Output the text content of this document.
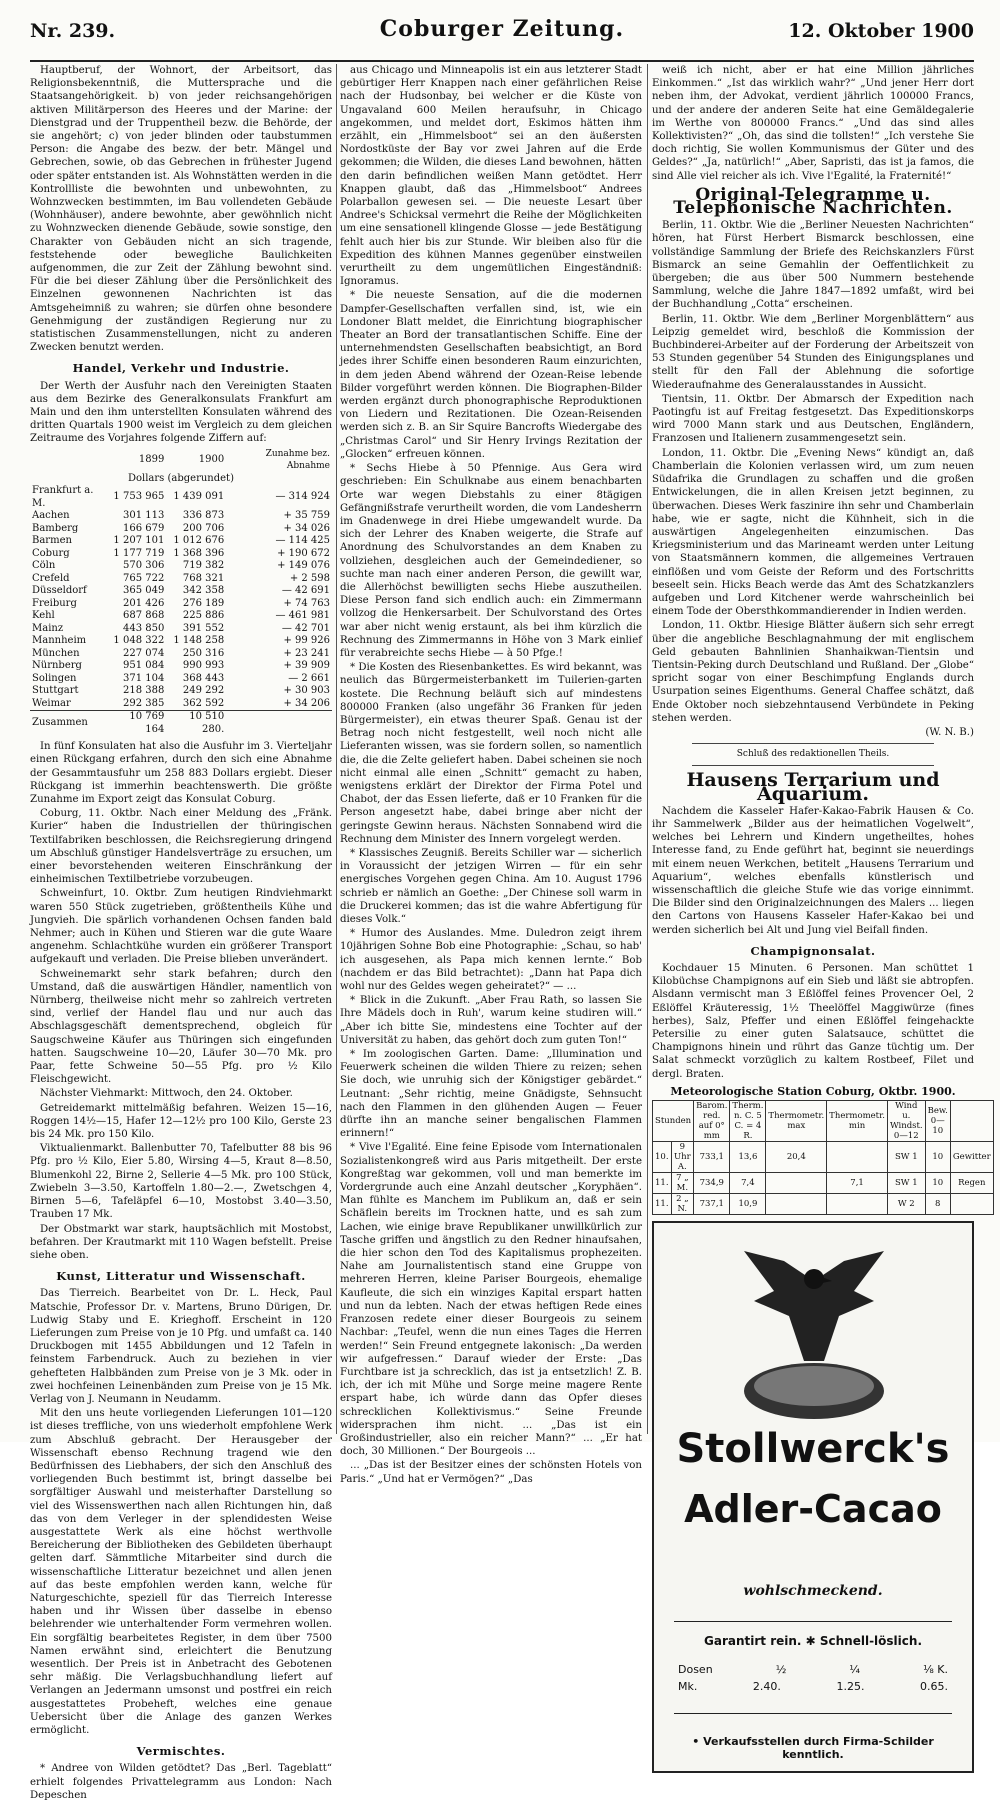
Nr. 239.	Coburger Zeitung.	12. Oktober 1900

Hauptberuf, der Wohnort, der Arbeitsort, das Religionsbekenntniß, die Muttersprache und die Staatsangehörigkeit. b) von jeder reichsangehörigen aktiven Militärperson des Heeres und der Marine: der Dienstgrad und der Truppentheil bezw. die Behörde, der sie angehört; c) von jeder blinden oder taubstummen Person: die Angabe des bezw. der betr. Mängel und Gebrechen, sowie, ob das Gebrechen in frühester Jugend oder später entstanden ist. Als Wohnstätten werden in die Kontrollliste die bewohnten und unbewohnten, zu Wohnzwecken bestimmten, im Bau vollendeten Gebäude (Wohnhäuser), andere bewohnte, aber gewöhnlich nicht zu Wohnzwecken dienende Gebäude, sowie sonstige, den Charakter von Gebäuden nicht an sich tragende, feststehende oder bewegliche Baulichkeiten aufgenommen, die zur Zeit der Zählung bewohnt sind. Für die bei dieser Zählung über die Persönlichkeit des Einzelnen gewonnenen Nachrichten ist das Amtsgeheimniß zu wahren; sie dürfen ohne besondere Genehmigung der zuständigen Regierung nur zu statistischen Zusammenstellungen, nicht zu anderen Zwecken benutzt werden.

Handel, Verkehr und Industrie.

Der Werth der Ausfuhr nach den Vereinigten Staaten aus dem Bezirke des Generalkonsulats Frankfurt am Main und den ihm unterstellten Konsulaten während des dritten Quartals 1900 weist im Vergleich zu dem gleichen Zeitraume des Vorjahres folgende Ziffern auf:

	1899	1900	Zunahme bez. Abnahme
Dollars (abgerundet)			
Frankfurt a. M.	1 753 965	1 439 091	— 314 924
Aachen	301 113	336 873	+ 35 759
Bamberg	166 679	200 706	+ 34 026
Barmen	1 207 101	1 012 676	— 114 425
Coburg	1 177 719	1 368 396	+ 190 672
Cöln	570 306	719 382	+ 149 076
Crefeld	765 722	768 321	+ 2 598
Düsseldorf	365 049	342 358	— 42 691
Freiburg	201 426	276 189	+ 74 763
Kehl	687 868	225 886	— 461 981
Mainz	443 850	391 552	— 42 701
Mannheim	1 048 322	1 148 258	+ 99 926
München	227 074	250 316	+ 23 241
Nürnberg	951 084	990 993	+ 39 909
Solingen	371 104	368 443	— 2 661
Stuttgart	218 388	249 292	+ 30 903
Weimar	292 385	362 592	+ 34 206
Zusammen	10 769 164	10 510 280.	

In fünf Konsulaten hat also die Ausfuhr im 3. Vierteljahr einen Rückgang erfahren, durch den sich eine Abnahme der Gesammtausfuhr um 258 883 Dollars ergiebt. Dieser Rückgang ist immerhin beachtenswerth. Die größte Zunahme im Export zeigt das Konsulat Coburg.

Coburg, 11. Oktbr. Nach einer Meldung des „Fränk. Kurier“ haben die Industriellen der thüringischen Textilfabriken beschlossen, die Reichsregierung dringend um Abschluß günstiger Handelsverträge zu ersuchen, um einer bevorstehenden weiteren Einschränkung der einheimischen Textilbetriebe vorzubeugen.

Schweinfurt, 10. Oktbr. Zum heutigen Rindviehmarkt waren 550 Stück zugetrieben, größtentheils Kühe und Jungvieh. Die spärlich vorhandenen Ochsen fanden bald Nehmer; auch in Kühen und Stieren war die gute Waare angenehm. Schlachtkühe wurden ein größerer Transport aufgekauft und verladen. Die Preise blieben unverändert.

Schweinemarkt sehr stark befahren; durch den Umstand, daß die auswärtigen Händler, namentlich von Nürnberg, theilweise nicht mehr so zahlreich vertreten sind, verlief der Handel flau und nur auch das Abschlagsgeschäft dementsprechend, obgleich für Saugschweine Käufer aus Thüringen sich eingefunden hatten. Saugschweine 10—20, Läufer 30—70 Mk. pro Paar, fette Schweine 50—55 Pfg. pro ½ Kilo Fleischgewicht.

Nächster Viehmarkt: Mittwoch, den 24. Oktober.

Getreidemarkt mittelmäßig befahren. Weizen 15—16, Roggen 14½—15, Hafer 12—12½ pro 100 Kilo, Gerste 23 bis 24 Mk. pro 150 Kilo.

Viktualienmarkt. Ballenbutter 70, Tafelbutter 88 bis 96 Pfg. pro ½ Kilo, Eier 5.80, Wirsing 4—5, Kraut 8—8.50, Blumenkohl 22, Birne 2, Sellerie 4—5 Mk. pro 100 Stück, Zwiebeln 3—3.50, Kartoffeln 1.80—2.—, Zwetschgen 4, Birnen 5—6, Tafeläpfel 6—10, Mostobst 3.40—3.50, Trauben 17 Mk.

Der Obstmarkt war stark, hauptsächlich mit Mostobst, befahren. Der Krautmarkt mit 110 Wagen befstellt. Preise siehe oben.

Kunst, Litteratur und Wissenschaft.

Das Tierreich. Bearbeitet von Dr. L. Heck, Paul Matschie, Professor Dr. v. Martens, Bruno Dürigen, Dr. Ludwig Staby und E. Krieghoff. Erscheint in 120 Lieferungen zum Preise von je 10 Pfg. und umfaßt ca. 140 Druckbogen mit 1455 Abbildungen und 12 Tafeln in feinstem Farbendruck. Auch zu beziehen in vier gehefteten Halbbänden zum Preise von je 3 Mk. oder in zwei hochfeinen Leinenbänden zum Preise von je 15 Mk. Verlag von J. Neumann in Neudamm.

Mit den uns heute vorliegenden Lieferungen 101—120 ist dieses treffliche, von uns wiederholt empfohlene Werk zum Abschluß gebracht. Der Herausgeber der Wissenschaft ebenso Rechnung tragend wie den Bedürfnissen des Liebhabers, der sich den Anschluß des vorliegenden Buch bestimmt ist, bringt dasselbe bei sorgfältiger Auswahl und meisterhafter Darstellung so viel des Wissenswerthen nach allen Richtungen hin, daß das von dem Verleger in der splendidesten Weise ausgestattete Werk als eine höchst werthvolle Bereicherung der Bibliotheken des Gebildeten überhaupt gelten darf. Sämmtliche Mitarbeiter sind durch die wissenschaftliche Litteratur bezeichnet und allen jenen auf das beste empfohlen werden kann, welche für Naturgeschichte, speziell für das Tierreich Interesse haben und ihr Wissen über dasselbe in ebenso belehrender wie unterhaltender Form vermehren wollen. Ein sorgfältig bearbeitetes Register, in dem über 7500 Namen erwähnt sind, erleichtert die Benutzung wesentlich. Der Preis ist in Anbetracht des Gebotenen sehr mäßig. Die Verlagsbuchhandlung liefert auf Verlangen an Jedermann umsonst und postfrei ein reich ausgestattetes Probeheft, welches eine genaue Uebersicht über die Anlage des ganzen Werkes ermöglicht.

Vermischtes.

* Andree von Wilden getödtet? Das „Berl. Tageblatt“ erhielt folgendes Privattelegramm aus London: Nach Depeschen

aus Chicago und Minneapolis ist ein aus letzterer Stadt gebürtiger Herr Knappen nach einer gefährlichen Reise nach der Hudsonbay, bei welcher er die Küste von Ungavaland 600 Meilen heraufsuhr, in Chicago angekommen, und meldet dort, Eskimos hätten ihm erzählt, ein „Himmelsboot“ sei an den äußersten Nordostküste der Bay vor zwei Jahren auf die Erde gekommen; die Wilden, die dieses Land bewohnen, hätten den darin befindlichen weißen Mann getödtet. Herr Knappen glaubt, daß das „Himmelsboot“ Andrees Polarballon gewesen sei. — Die neueste Lesart über Andree's Schicksal vermehrt die Reihe der Möglichkeiten um eine sensationell klingende Glosse — jede Bestätigung fehlt auch hier bis zur Stunde. Wir bleiben also für die Expedition des kühnen Mannes gegenüber einstweilen verurtheilt zu dem ungemütlichen Eingeständniß: Ignoramus.

* Die neueste Sensation, auf die die modernen Dampfer-Gesellschaften verfallen sind, ist, wie ein Londoner Blatt meldet, die Einrichtung biographischer Theater an Bord der transatlantischen Schiffe. Eine der unternehmendsten Gesellschaften beabsichtigt, an Bord jedes ihrer Schiffe einen besonderen Raum einzurichten, in dem jeden Abend während der Ozean-Reise lebende Bilder vorgeführt werden können. Die Biographen-Bilder werden ergänzt durch phonographische Reproduktionen von Liedern und Rezitationen. Die Ozean-Reisenden werden sich z. B. an Sir Squire Bancrofts Wiedergabe des „Christmas Carol“ und Sir Henry Irvings Rezitation der „Glocken“ erfreuen können.

* Sechs Hiebe à 50 Pfennige. Aus Gera wird geschrieben: Ein Schulknabe aus einem benachbarten Orte war wegen Diebstahls zu einer 8tägigen Gefängnißstrafe verurtheilt worden, die vom Landesherrn im Gnadenwege in drei Hiebe umgewandelt wurde. Da sich der Lehrer des Knaben weigerte, die Strafe auf Anordnung des Schulvorstandes an dem Knaben zu vollziehen, desgleichen auch der Gemeindediener, so suchte man nach einer anderen Person, die gewillt war, die Allerhöchst bewilligten sechs Hiebe auszutheilen. Diese Person fand sich endlich auch: ein Zimmermann vollzog die Henkersarbeit. Der Schulvorstand des Ortes war aber nicht wenig erstaunt, als bei ihm kürzlich die Rechnung des Zimmermanns in Höhe von 3 Mark einlief für verabreichte sechs Hiebe — à 50 Pfge.!

* Die Kosten des Riesenbankettes. Es wird bekannt, was neulich das Bürgermeisterbankett im Tuilerien-garten kostete. Die Rechnung beläuft sich auf mindestens 800000 Franken (also ungefähr 36 Franken für jeden Bürgermeister), ein etwas theurer Spaß. Genau ist der Betrag noch nicht festgestellt, weil noch nicht alle Lieferanten wissen, was sie fordern sollen, so namentlich die, die die Zelte geliefert haben. Dabei scheinen sie noch nicht einmal alle einen „Schnitt“ gemacht zu haben, wenigstens erklärt der Direktor der Firma Potel und Chabot, der das Essen lieferte, daß er 10 Franken für die Person angesetzt habe, dabei bringe aber nicht der geringste Gewinn heraus. Nächsten Sonnabend wird die Rechnung dem Minister des Innern vorgelegt werden.

* Klassisches Zeugniß. Bereits Schiller war — sicherlich in Voraussicht der jetzigen Wirren — für ein sehr energisches Vorgehen gegen China. Am 10. August 1796 schrieb er nämlich an Goethe: „Der Chinese soll warm in die Druckerei kommen; das ist die wahre Abfertigung für dieses Volk.“

* Humor des Auslandes. Mme. Duledron zeigt ihrem 10jährigen Sohne Bob eine Photographie: „Schau, so hab' ich ausgesehen, als Papa mich kennen lernte.“ Bob (nachdem er das Bild betrachtet): „Dann hat Papa dich wohl nur des Geldes wegen geheiratet?“ — ...

* Blick in die Zukunft. „Aber Frau Rath, so lassen Sie Ihre Mädels doch in Ruh', warum keine studiren will.“ „Aber ich bitte Sie, mindestens eine Tochter auf der Universität zu haben, das gehört doch zum guten Ton!“

* Im zoologischen Garten. Dame: „Illumination und Feuerwerk scheinen die wilden Thiere zu reizen; sehen Sie doch, wie unruhig sich der Königstiger gebärdet.“ Leutnant: „Sehr richtig, meine Gnädigste, Sehnsucht nach den Flammen in den glühenden Augen — Feuer dürfte ihn an manche seiner bengalischen Flammen erinnern!“

* Vive l'Egalité. Eine feine Episode vom Internationalen Sozialistenkongreß wird aus Paris mitgetheilt. Der erste Kongreßtag war gekommen, voll und man bemerkte im Vordergrunde auch eine Anzahl deutscher „Koryphäen“. Man fühlte es Manchem im Publikum an, daß er sein Schäflein bereits im Trocknen hatte, und es sah zum Lachen, wie einige brave Republikaner unwillkürlich zur Tasche griffen und ängstlich zu den Redner hinaufsahen, die hier schon den Tod des Kapitalismus prophezeiten. Nahe am Journalistentisch stand eine Gruppe von mehreren Herren, kleine Pariser Bourgeois, ehemalige Kaufleute, die sich ein winziges Kapital erspart hatten und nun da lebten. Nach der etwas heftigen Rede eines Franzosen redete einer dieser Bourgeois zu seinem Nachbar: „Teufel, wenn die nun eines Tages die Herren werden!“ Sein Freund entgegnete lakonisch: „Da werden wir aufgefressen.“ Darauf wieder der Erste: „Das Furchtbare ist ja schrecklich, das ist ja entsetzlich! Z. B. ich, der ich mit Mühe und Sorge meine magere Rente erspart habe, ich würde dann das Opfer dieses schrecklichen Kollektivismus.“ Seine Freunde widersprachen ihm nicht. ... „Das ist ein Großindustrieller, also ein reicher Mann?“ ... „Er hat doch, 30 Millionen.“ Der Bourgeois ...

... „Das ist der Besitzer eines der schönsten Hotels von Paris.“ „Und hat er Vermögen?“ „Das

weiß ich nicht, aber er hat eine Million jährliches Einkommen.“ „Ist das wirklich wahr?“ „Und jener Herr dort neben ihm, der Advokat, verdient jährlich 100000 Francs, und der andere der anderen Seite hat eine Gemäldegalerie im Werthe von 800000 Francs.“ „Und das sind alles Kollektivisten?“ „Oh, das sind die tollsten!“ „Ich verstehe Sie doch richtig, Sie wollen Kommunismus der Güter und des Geldes?“ „Ja, natürlich!“ „Aber, Sapristi, das ist ja famos, die sind Alle viel reicher als ich. Vive l'Egalité, la Fraternité!“

Original-Telegramme u. Telephonische Nachrichten.

Berlin, 11. Oktbr. Wie die „Berliner Neuesten Nachrichten“ hören, hat Fürst Herbert Bismarck beschlossen, eine vollständige Sammlung der Briefe des Reichskanzlers Fürst Bismarck an seine Gemahlin der Oeffentlichkeit zu übergeben; die aus über 500 Nummern bestehende Sammlung, welche die Jahre 1847—1892 umfaßt, wird bei der Buchhandlung „Cotta“ erscheinen.

Berlin, 11. Oktbr. Wie dem „Berliner Morgenblättern“ aus Leipzig gemeldet wird, beschloß die Kommission der Buchbinderei-Arbeiter auf der Forderung der Arbeitszeit von 53 Stunden gegenüber 54 Stunden des Einigungsplanes und stellt für den Fall der Ablehnung die sofortige Wiederaufnahme des Generalausstandes in Aussicht.

Tientsin, 11. Oktbr. Der Abmarsch der Expedition nach Paotingfu ist auf Freitag festgesetzt. Das Expeditionskorps wird 7000 Mann stark und aus Deutschen, Engländern, Franzosen und Italienern zusammengesetzt sein.

London, 11. Oktbr. Die „Evening News“ kündigt an, daß Chamberlain die Kolonien verlassen wird, um zum neuen Südafrika die Grundlagen zu schaffen und die großen Entwickelungen, die in allen Kreisen jetzt beginnen, zu überwachen. Dieses Werk faszinire ihn sehr und Chamberlain habe, wie er sagte, nicht die Kühnheit, sich in die auswärtigen Angelegenheiten einzumischen. Das Kriegsministerium und das Marineamt werden unter Leitung von Staatsmännern kommen, die allgemeines Vertrauen einflößen und vom Geiste der Reform und des Fortschritts beseelt sein. Hicks Beach werde das Amt des Schatzkanzlers aufgeben und Lord Kitchener werde wahrscheinlich bei einem Tode der Obersthkommandierender in Indien werden.

London, 11. Oktbr. Hiesige Blätter äußern sich sehr erregt über die angebliche Beschlagnahmung der mit englischem Geld gebauten Bahnlinien Shanhaikwan-Tientsin und Tientsin-Peking durch Deutschland und Rußland. Der „Globe“ spricht sogar von einer Beschimpfung Englands durch Usurpation seines Eigenthums. General Chaffee schätzt, daß Ende Oktober noch siebzehntausend Verbündete in Peking stehen werden.

(W. N. B.)

Schluß des redaktionellen Theils.

Hausens Terrarium und Aquarium.

Nachdem die Kasseler Hafer-Kakao-Fabrik Hausen & Co. ihr Sammelwerk „Bilder aus der heimatlichen Vogelwelt“, welches bei Lehrern und Kindern ungetheiltes, hohes Interesse fand, zu Ende geführt hat, beginnt sie neuerdings mit einem neuen Werkchen, betitelt „Hausens Terrarium und Aquarium“, welches ebenfalls künstlerisch und wissenschaftlich die gleiche Stufe wie das vorige einnimmt. Die Bilder sind den Originalzeichnungen des Malers ... liegen den Cartons von Hausens Kasseler Hafer-Kakao bei und werden sicherlich bei Alt und Jung viel Beifall finden.

Champignonsalat.

Kochdauer 15 Minuten. 6 Personen. Man schüttet 1 Kilobüchse Champignons auf ein Sieb und läßt sie abtropfen. Alsdann vermischt man 3 Eßlöffel feines Provencer Oel, 2 Eßlöffel Kräuteressig, 1½ Theelöffel Maggiwürze (fines herbes), Salz, Pfeffer und einen Eßlöffel feingehackte Petersilie zu einer guten Salatsauce, schüttet die Champignons hinein und rührt das Ganze tüchtig um. Der Salat schmeckt vorzüglich zu kaltem Rostbeef, Filet und dergl. Braten.

Meteorologische Station Coburg, Oktbr. 1900.
Stunden		Barom. red. auf 0° mm	Therm. n. C. 5 C. = 4 R.	Thermometr. max	Thermometr. min	Wind u. Windst. 0—12	Bew. 0—10	
10.	9 Uhr A.	733,1	13,6	20,4		SW 1	10	Gewitter
11.	7 „ M.	734,9	7,4		7,1	SW 1	10	Regen
11.	2 „ N.	737,1	10,9			W 2	8	
Stollwerck's
Adler-Cacao
wohlschmeckend.
Garantirt rein. ✱ Schnell-löslich.
Dosen	½	¼	⅛ K.
Mk.	2.40.	1.25.	0.65.
• Verkaufsstellen durch Firma-Schilder kenntlich.
